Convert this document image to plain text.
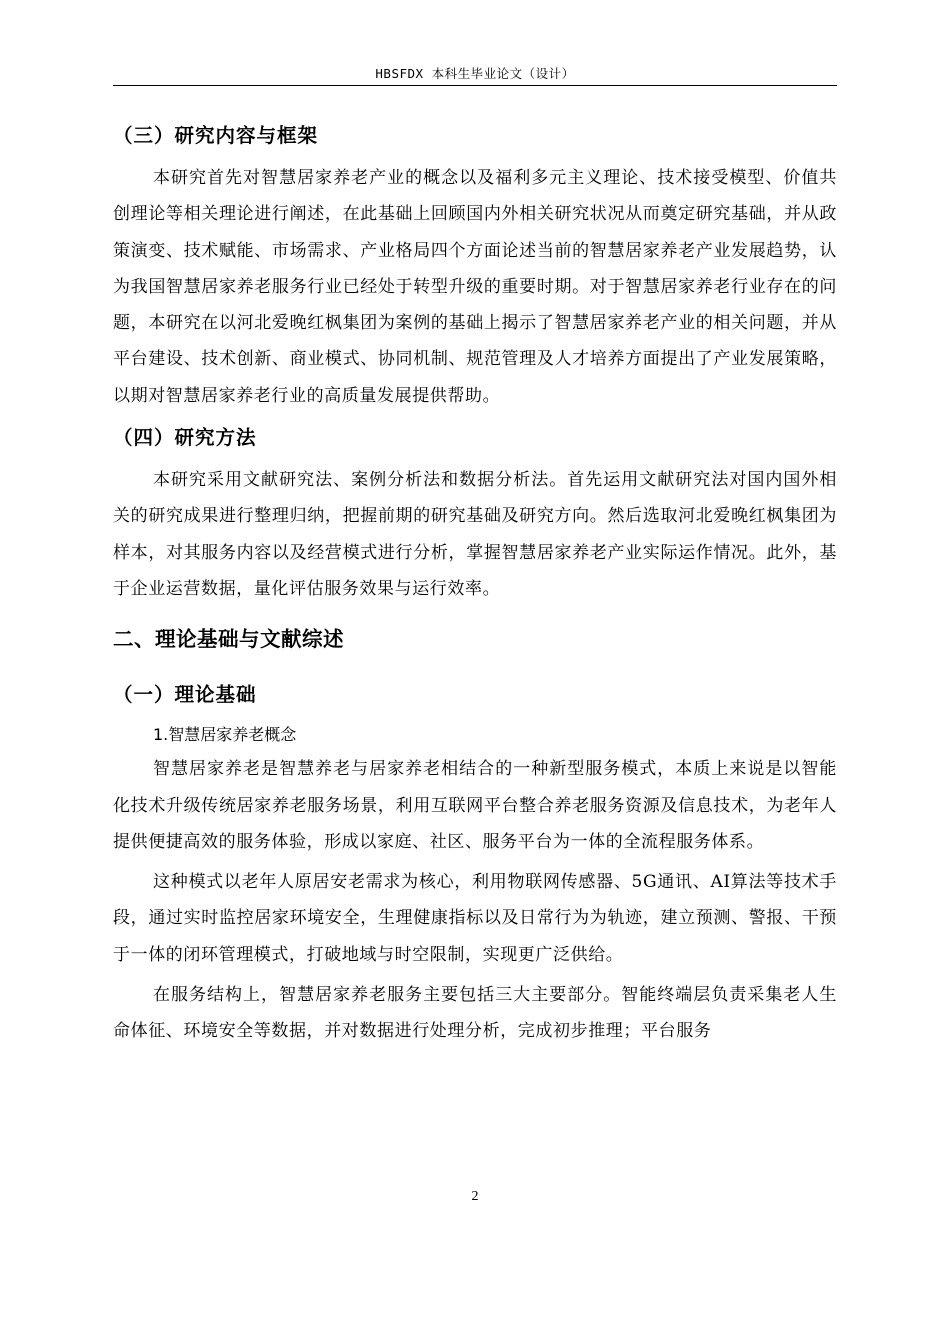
HBSFDX 本科生毕业论文（设计）
（三）研究内容与框架

本研究首先对智慧居家养老产业的概念以及福利多元主义理论、技术接受模型、价值共创理论等相关理论进行阐述，在此基础上回顾国内外相关研究状况从而奠定研究基础，并从政策演变、技术赋能、市场需求、产业格局四个方面论述当前的智慧居家养老产业发展趋势，认为我国智慧居家养老服务行业已经处于转型升级的重要时期。对于智慧居家养老行业存在的问题，本研究在以河北爱晚红枫集团为案例的基础上揭示了智慧居家养老产业的相关问题，并从平台建设、技术创新、商业模式、协同机制、规范管理及人才培养方面提出了产业发展策略，以期对智慧居家养老行业的高质量发展提供帮助。

（四）研究方法

本研究采用文献研究法、案例分析法和数据分析法。首先运用文献研究法对国内国外相关的研究成果进行整理归纳，把握前期的研究基础及研究方向。然后选取河北爱晚红枫集团为样本，对其服务内容以及经营模式进行分析，掌握智慧居家养老产业实际运作情况。此外，基于企业运营数据，量化评估服务效果与运行效率。

二、理论基础与文献综述
（一）理论基础
1.智慧居家养老概念

智慧居家养老是智慧养老与居家养老相结合的一种新型服务模式，本质上来说是以智能化技术升级传统居家养老服务场景，利用互联网平台整合养老服务资源及信息技术，为老年人提供便捷高效的服务体验，形成以家庭、社区、服务平台为一体的全流程服务体系。

这种模式以老年人原居安老需求为核心，利用物联网传感器、5G通讯、AI算法等技术手段，通过实时监控居家环境安全，生理健康指标以及日常行为为轨迹，建立预测、警报、干预于一体的闭环管理模式，打破地域与时空限制，实现更广泛供给。

在服务结构上，智慧居家养老服务主要包括三大主要部分。智能终端层负责采集老人生命体征、环境安全等数据，并对数据进行处理分析，完成初步推理；平台服务

2
